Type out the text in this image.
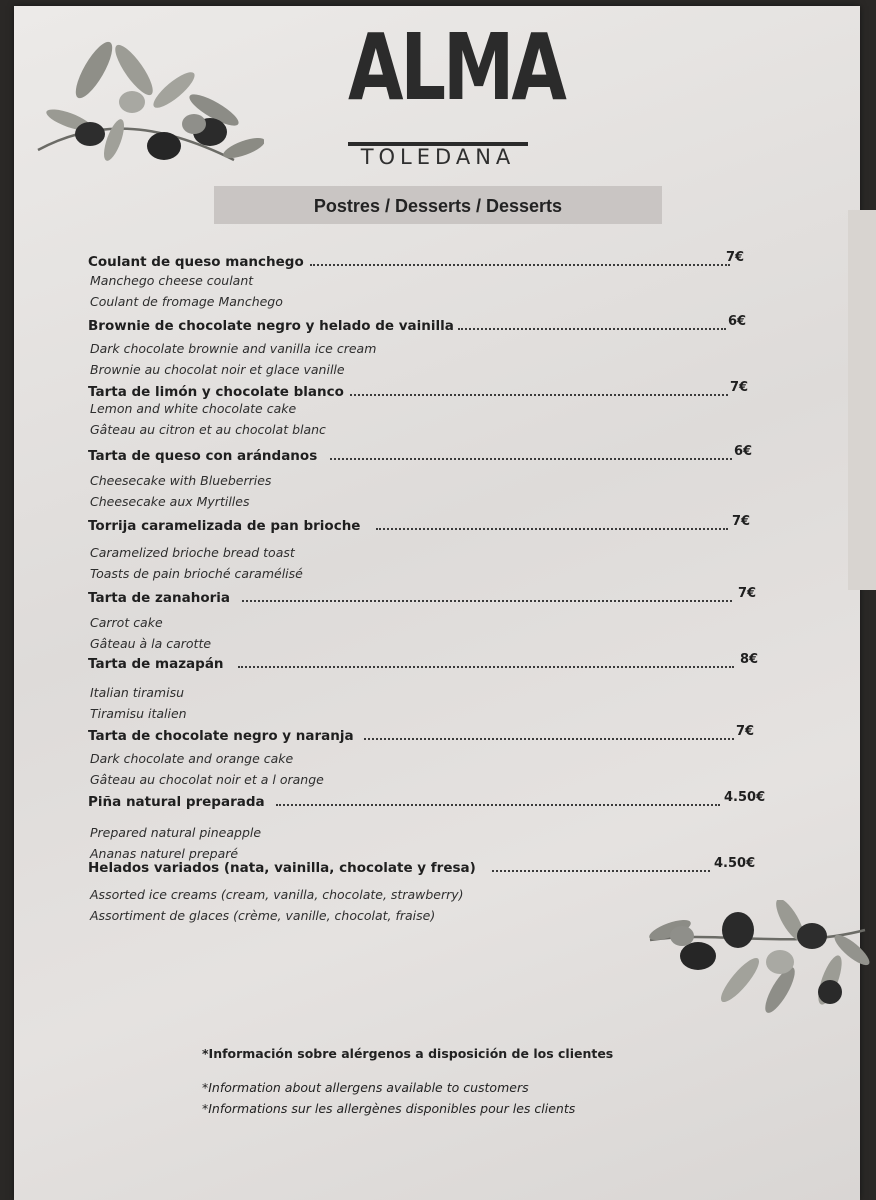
ALMA
TOLEDANA
Postres / Desserts / Desserts
Coulant de queso manchego	7€
Manchego cheese coulant
Coulant de fromage Manchego
Brownie de chocolate negro y helado de vainilla	6€
Dark chocolate brownie and vanilla ice cream
Brownie au chocolat noir et glace vanille
Tarta de limón y chocolate blanco	7€
Lemon and white chocolate cake
Gâteau au citron et au chocolat blanc
Tarta de queso con arándanos	6€
Cheesecake with Blueberries
Cheesecake aux Myrtilles
Torrija caramelizada de pan brioche	7€
Caramelized brioche bread toast
Toasts de pain brioché caramélisé
Tarta de zanahoria	7€
Carrot cake
Gâteau à la carotte
Tarta de mazapán	8€
Italian tiramisu
Tiramisu italien
Tarta de chocolate negro y naranja	7€
Dark chocolate and orange cake
Gâteau au chocolat noir et a l orange
Piña natural preparada	4.50€
Prepared natural pineapple
Ananas naturel preparé
Helados variados (nata, vainilla, chocolate y fresa)	4.50€
Assorted ice creams (cream, vanilla, chocolate, strawberry)
Assortiment de glaces (crème, vanille, chocolat, fraise)
*Información sobre alérgenos a disposición de los clientes
*Information about allergens available to customers
*Informations sur les allergènes disponibles pour les clients
